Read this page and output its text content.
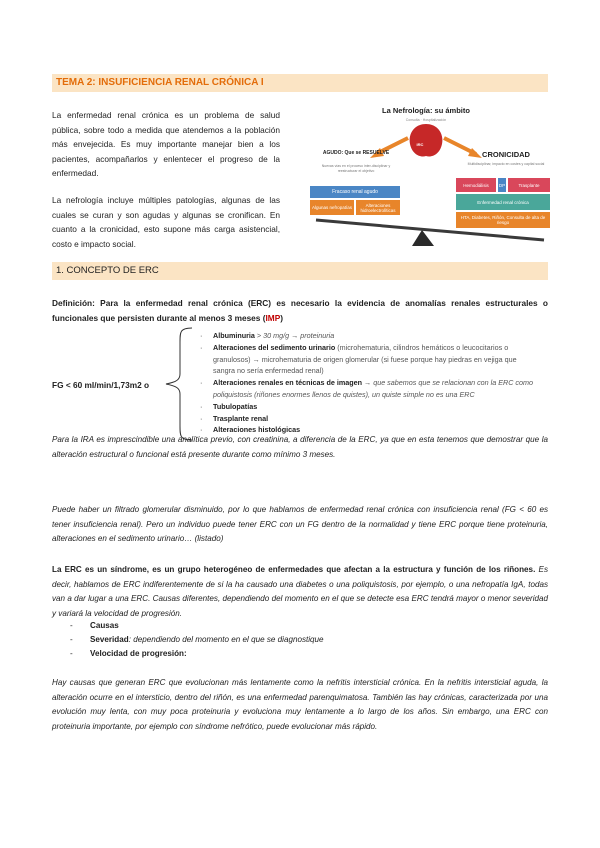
TEMA 2: INSUFICIENCIA RENAL CRÓNICA I
La enfermedad renal crónica es un problema de salud pública, sobre todo a medida que atendemos a la población más envejecida. Es muy importante manejar bien a los pacientes, acompañarlos y enlentecer el progreso de la enfermedad.
La nefrología incluye múltiples patologías, algunas de las cuales se curan y son agudas y algunas se cronifican. En cuanto a la cronicidad, esto supone más carga asistencial, costo e impacto social.
IRC
La Nefrología: su ámbito
Consulta · Hospitalización
AGUDO: Que se RESUELVE
Nuevas vías en el proceso inter-disciplinar y reestructurar el objetivo
Fracaso renal agudo
Algunas nefropatías	Alteraciones hidroelectrolíticas
CRONICIDAD
Multidisciplinar, impacto en costes y capital social
Hemodiálisis	DP	Trasplante
Enfermedad renal crónica
HTA, Diabetes, Riñón, Consulta de alta de riesgo
1. CONCEPTO DE ERC
Definición: Para la enfermedad renal crónica (ERC) es necesario la evidencia de anomalías renales estructurales o funcionales que persisten durante al menos 3 meses (IMP)
FG < 60 ml/min/1,73m2 o
· Albuminuria > 30 mg/g → proteinuria
· Alteraciones del sedimento urinario (microhematuria, cilindros hemáticos o leucocitarios o granulosos) → microhematuria de origen glomerular (si fuese porque hay piedras en vejiga que sangra no sería enfermedad renal)
· Alteraciones renales en técnicas de imagen → que sabemos que se relacionan con la ERC como poliquistosis (riñones enormes llenos de quistes), un quiste simple no es una ERC
· Tubulopatías
· Trasplante renal
· Alteraciones histológicas
Para la IRA es imprescindible una analítica previo, con creatinina, a diferencia de la ERC, ya que en esta tenemos que demostrar que la alteración estructural o funcional está presente durante como mínimo 3 meses.
Puede haber un filtrado glomerular disminuido, por lo que hablamos de enfermedad renal crónica con insuficiencia renal (FG < 60 es tener insuficiencia renal). Pero un individuo puede tener ERC con un FG dentro de la normalidad y tiene ERC porque tiene proteinuria, alteraciones en el sedimento urinario… (listado)
La ERC es un síndrome, es un grupo heterogéneo de enfermedades que afectan a la estructura y función de los riñones. Es decir, hablamos de ERC indiferentemente de si la ha causado una diabetes o una poliquistosis, por ejemplo, o una nefropatía IgA, todas van a dar lugar a una ERC. Causas diferentes, dependiendo del momento en el que se detecte esa ERC tendrá mayor o menor severidad y variará la velocidad de progresión.
- Causas
- Severidad: dependiendo del momento en el que se diagnostique
- Velocidad de progresión:
Hay causas que generan ERC que evolucionan más lentamente como la nefritis intersticial crónica. En la nefritis intersticial aguda, la alteración ocurre en el intersticio, dentro del riñón, es una enfermedad parenquimatosa. También las hay crónicas, caracterizada por una evolución muy lenta, con muy poca proteinuria y evoluciona muy lentamente a lo largo de los años. Sin embargo, una ERC con proteinuria importante, por ejemplo con síndrome nefrótico, puede evolucionar más rápido.
